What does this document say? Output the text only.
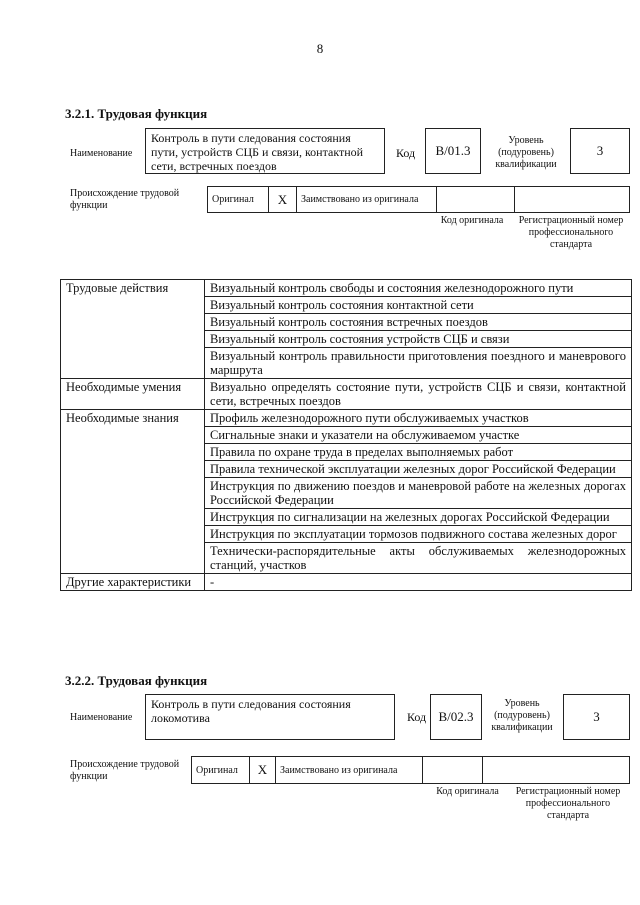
8
3.2.1. Трудовая функция
Наименование
Контроль в пути следования состояния пути, устройств СЦБ и связи, контактной сети, встречных поездов
Код B/01.3
Уровень (подуровень) квалификации
3
Происхождение трудовой функции
Оригинал	X	Заимствовано из оригинала
Код оригинала	Регистрационный номер профессионального стандарта
Трудовые действия	Визуальный контроль свободы и состояния железнодорожного пути
	Визуальный контроль состояния контактной сети
	Визуальный контроль состояния встречных поездов
	Визуальный контроль состояния устройств СЦБ и связи
	Визуальный контроль правильности приготовления поездного и маневрового маршрута
Необходимые умения	Визуально определять состояние пути, устройств СЦБ и связи, контактной сети, встречных поездов
Необходимые знания	Профиль железнодорожного пути обслуживаемых участков
	Сигнальные знаки и указатели на обслуживаемом участке
	Правила по охране труда в пределах выполняемых работ
	Правила технической эксплуатации железных дорог Российской Федерации
	Инструкция по движению поездов и маневровой работе на железных дорогах Российской Федерации
	Инструкция по сигнализации на железных дорогах Российской Федерации
	Инструкция по эксплуатации тормозов подвижного состава железных дорог
	Технически-распорядительные акты обслуживаемых железнодорожных станций, участков
Другие характеристики	-
3.2.2. Трудовая функция
Наименование
Контроль в пути следования состояния локомотива	Код B/02.3
Уровень (подуровень) квалификации
3
Происхождение трудовой функции
Оригинал	X	Заимствовано из оригинала
Код оригинала	Регистрационный номер профессионального стандарта
